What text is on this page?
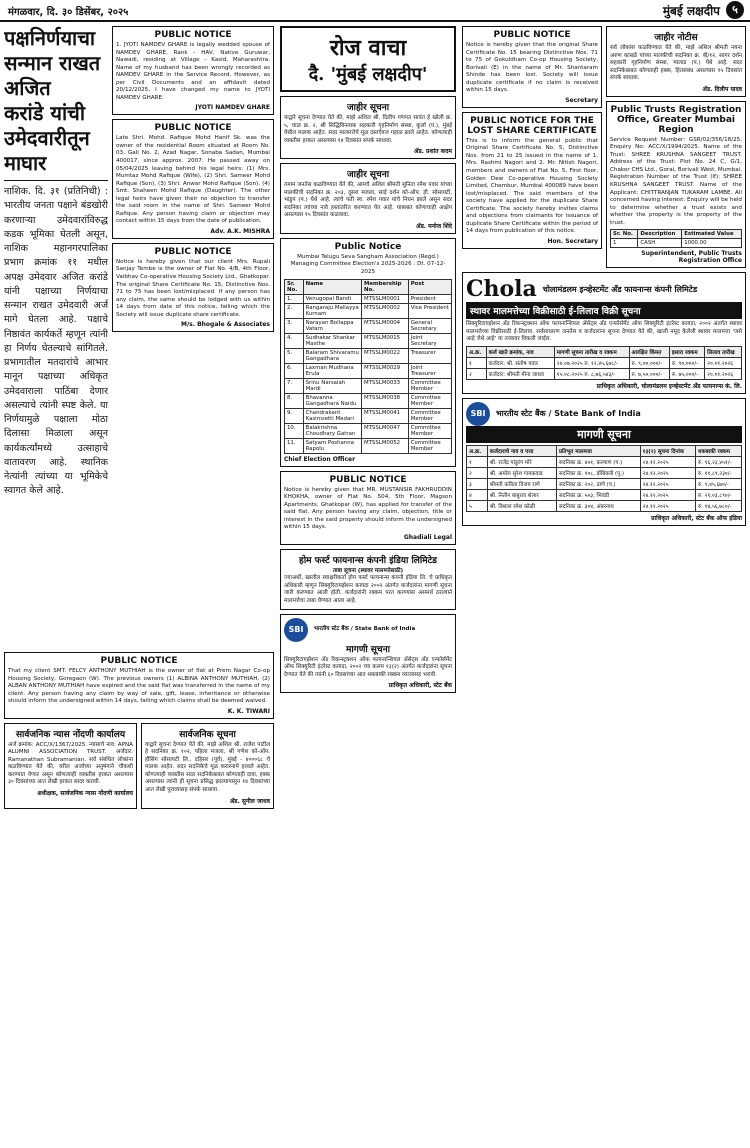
मंगळवार, दि. ३० डिसेंबर, २०२५	मुंबई लक्षदीप	५
पक्षनिर्णयाचा
सन्मान राखत
अजित
करांडे यांची
उमेदवारीतून
माघार
नाशिक. दि. ३१ (प्रतिनिधी) : भारतीय जनता पक्षाने बंडखोरी करणाऱ्या उमेदवारांविरुद्ध कडक भूमिका घेतली असून, नाशिक महानगरपालिका प्रभाग क्रमांक ११ मधील अपक्ष उमेदवार अजित करांडे यांनी पक्षाच्या निर्णयाचा सन्मान राखत उमेदवारी अर्ज मागे घेतला आहे. पक्षाचे निष्ठावंत कार्यकर्ते म्हणून त्यांनी हा निर्णय घेतल्याचे सांगितले. प्रभागातील मतदारांचे आभार मानून पक्षाच्या अधिकृत उमेदवाराला पाठिंबा देणार असल्याचे त्यांनी स्पष्ट केले. या निर्णयामुळे पक्षाला मोठा दिलासा मिळाला असून कार्यकर्त्यांमध्ये उत्साहाचे वातावरण आहे. स्थानिक नेत्यांनी त्यांच्या या भूमिकेचे स्वागत केले आहे.
PUBLIC NOTICE
1. JYOTI NAMDEV GHARE is legally wedded spouse of NAMDEV GHARE, Rank - HAV, Native Guruwar, Nawadi, residing at Village - Kasid, Maharashtra. Name of my husband has been wrongly recorded as NAMDEV GHARE in the Service Record. However, as per Civil Documents and an affidavit dated 20/12/2025, I have changed my name to JYOTI NAMDEV GHARE.
JYOTI NAMDEV GHARE
PUBLIC NOTICE
Late Shri. Mohd. Rafique Mohd Hanif Sk. was the owner of the residential Room situated at Room No. 03, Gali No. 2, Azad Nagar, Sonaba Sadan, Mumbai 400017, since approx. 2007. He passed away on 05/04/2025 leaving behind his legal heirs: (1) Mrs. Mumtaz Mohd Rafique (Wife), (2) Shri. Sameer Mohd Rafique (Son), (3) Shri. Anwar Mohd Rafique (Son), (4) Smt. Shaheen Mohd Rafique (Daughter). The other legal heirs have given their no objection to transfer the said room in the name of Shri. Sameer Mohd Rafique. Any person having claim or objection may contact within 15 days from the date of publication.
Adv. A.K. MISHRA
PUBLIC NOTICE
Notice is hereby given that our client Mrs. Rupali Sanjay Tembe is the owner of Flat No. 4/B, 4th Floor, Vaibhav Co-operative Housing Society Ltd., Ghatkopar. The original Share Certificate No. 15, Distinctive Nos. 71 to 75 has been lost/misplaced. If any person has any claim, the same should be lodged with us within 14 days from date of this notice, failing which the Society will issue duplicate share certificate.
M/s. Bhogale & Associates
PUBLIC NOTICE
That my client SMT. FELCY ANTHONY MUTHIAH is the owner of flat at Prem Nagar Co-op Housing Society, Goregaon (W). The previous owners (1) ALBINA ANTHONY MUTHIAH, (2) ALBAN ANTHONY MUTHIAH have expired and the said flat was transferred in the name of my client. Any person having any claim by way of sale, gift, lease, inheritance or otherwise should inform the undersigned within 14 days, failing which claims shall be deemed waived.
K. K. TIWARI
सार्वजनिक न्यास नोंदणी कार्यालय
अर्ज क्रमांक: ACC/X/1367/2025. न्यासाचे नाव: APNA ALUMNI ASSOCIATION TRUST. अर्जदार: Ramanathan Subramanian. सर्व संबंधित लोकांना कळविण्यात येते की, वरील अर्जाच्या अनुषंगाने चौकशी करण्यात येणार असून कोणत्याही व्यक्तीस हरकत असल्यास ३० दिवसांच्या आत लेखी हरकत सादर करावी.
अधीक्षक, सार्वजनिक न्यास नोंदणी कार्यालय
सार्वजनिक सूचना
याद्वारे सूचना देण्यात येते की, माझे अशिल श्री. राजेश पाटील हे सदनिका क्र. १०२, पहिला मजला, श्री गणेश को-ऑप. हौसिंग सोसायटी लि., दहिसर (पूर्व), मुंबई - ४०००६८ चे मालक आहेत. सदर सदनिकेचे मूळ करारनामे हरवले आहेत. कोणत्याही व्यक्तीस सदर सदनिकेबाबत कोणताही दावा, हक्क असल्यास त्यांनी ही सूचना प्रसिद्ध झाल्यापासून १४ दिवसांच्या आत लेखी पुराव्यासह संपर्क साधावा.
ॲड. सुनील जाधव
रोज वाचा
दै. 'मुंबई लक्षदीप'
जाहीर सूचना
याद्वारे सूचना देण्यात येते की, माझे अशिल श्री. दिलीप गणपत सावंत हे खोली क्र. ५, चाळ क्र. २, श्री सिद्धिविनायक सहकारी गृहनिर्माण संस्था, कुर्ला (प.), मुंबई येथील मालक आहेत. सदर मालमत्तेचे मूळ दस्तऐवज गहाळ झाले आहेत. कोणत्याही व्यक्तीस हरकत असल्यास १४ दिवसांत संपर्क साधावा.
ॲड. प्रशांत कदम
जाहीर सूचना
तमाम जनतेस कळविण्यात येते की, आमचे अशिल श्रीमती सुनिता रमेश पवार यांच्या मालकीची सदनिका क्र. २०३, दुसरा मजला, साई दर्शन को-ऑप. हौ. सोसायटी, भांडुप (प.) येथे आहे. त्यांचे पती स्व. रमेश पवार यांचे निधन झाले असून सदर सदनिका त्यांच्या नावे हस्तांतरित करण्यात येत आहे. याबाबत कोणाचाही आक्षेप असल्यास १५ दिवसांत कळवावा.
ॲड. मनोज शिंदे
Public Notice
Mumbai Telugu Seva Sangham Association (Regd.) Managing Committee Election's 2025-2026 : Dt. 07-12-2025
Sr. No.	Name	Membership No.	Post
1.	Venugopal Bandi	MTSSLM0001	President
2.	Rangaraju Mallayya Kurnam	MTSSLM0002	Vice President
3.	Narayan Bollappa Vatam	MTSSLM0004	General Secretary
4.	Sudhakar Shankar Masthe	MTSSLM0015	Joint Secretary
5.	Balaram Shivaramu Gangadhara	MTSSLM0022	Treasurer
6.	Laxman Mudhana Erula	MTSSLM0029	Joint Treasurer
7.	Srinu Narsaiah Mardi	MTSSLM0033	Committee Member
8.	Bhavanna Gangadhara Naidu	MTSSLM0038	Committee Member
9.	Chandrakant Kasimsetti Medari	MTSSLM0041	Committee Member
10.	Balakrishna Choudhary Gatran	MTSSLM0047	Committee Member
11.	Satyam Poshanna Rapolu	MTSSLM0052	Committee Member
Chief Election Officer
PUBLIC NOTICE
Notice is hereby given that MR. MUSTANSIR FAKHRUDDIN KHOKHA, owner of Flat No. 504, 5th Floor, Magson Apartments, Ghatkopar (W), has applied for transfer of the said flat. Any person having any claim, objection, title or interest in the said property should inform the undersigned within 15 days.
Ghadiali Legal
होम फर्स्ट फायनान्स कंपनी इंडिया लिमिटेड
ताबा सूचना (स्थावर मालमत्तेसाठी)
ज्याअर्थी, खालील स्वाक्षरीकर्ता होम फर्स्ट फायनान्स कंपनी इंडिया लि. चे प्राधिकृत अधिकारी म्हणून सिक्युरिटायझेशन कायदा २००२ अंतर्गत कर्जदारांना मागणी सूचना जारी करण्यात आली होती. कर्जदारांनी रक्कम परत करण्यास असमर्थ ठरल्याने मालमत्तेचा ताबा घेण्यात आला आहे.
SBI	भारतीय स्टेट बैंक / State Bank of India
मागणी सूचना
सिक्युरिटायझेशन अँड रिकन्स्ट्रक्शन ऑफ फायनान्शियल ॲसेट्स अँड एन्फोर्समेंट ऑफ सिक्युरिटी इंटरेस्ट कायदा, २००२ च्या कलम १३(२) अंतर्गत कर्जदारांना सूचना देण्यात येते की त्यांनी ६० दिवसांच्या आत थकबाकी रक्कम व्याजासह भरावी.
प्राधिकृत अधिकारी, स्टेट बँक
PUBLIC NOTICE
Notice is hereby given that the original Share Certificate No. 15 bearing Distinctive Nos. 71 to 75 of Gokuldham Co-op Housing Society, Borivali (E) in the name of Mr. Shantaram Shinde has been lost. Society will issue duplicate certificate if no claim is received within 15 days.
Secretary
PUBLIC NOTICE FOR THE LOST SHARE CERTIFICATE
This is to inform the general public that Original Share Certificate No. 5, Distinctive Nos. from 21 to 25 issued in the name of 1. Mrs. Rashmi Nagori and 2. Mr. Nitish Nagori, members and owners of Flat No. 5, First floor, Golden Dew Co-operative Housing Society Limited, Chembur, Mumbai 400089 have been lost/misplaced. The said members of the society have applied for the duplicate Share Certificate. The society hereby invites claims and objections from claimants for issuance of duplicate Share Certificate within the period of 14 days from publication of this notice.
Hon. Secretary
जाहीर नोटीस
सर्व लोकांस कळविण्यात येते की, माझे अशिल श्रीमती नयना अरुण कांबळे यांच्या मालकीची सदनिका क्र. बी/१२, सागर दर्शन सहकारी गृहनिर्माण संस्था, मालाड (प.) येथे आहे. सदर सदनिकेबाबत कोणताही हक्क, हितसंबंध असल्यास १५ दिवसांत संपर्क साधावा.
ॲड. दिलीप यादव
Public Trusts Registration Office, Greater Mumbai Region
Service Request Number: GSR/02/356/18/25. Enquiry No: ACC/X/1994/2025. Name of the Trust: SHREE KRUSHNA SANGEET TRUST. Address of the Trust: Plot No. 24 C, G/1, Chakor CHS Ltd., Gorai, Borivali West, Mumbai. Registration Number of the Trust (If): SHREE KRUSHNA SANGEET TRUST. Name of the Applicant: CHITTRANJAN TUKARAM LAMBE. All concerned having interest: Enquiry will be held to determine whether a trust exists and whether the property is the property of the trust.
Sr. No.	Description	Estimated Value
1	CASH	1000.00
Superintendent, Public Trusts Registration Office
Chola चोलामंडलम इन्व्हेस्टमेंट अँड फायनान्स कंपनी लिमिटेड
स्थावर मालमत्तेच्या विक्रीसाठी ई-लिलाव विक्री सूचना
सिक्युरिटायझेशन अँड रिकन्स्ट्रक्शन ऑफ फायनान्शियल ॲसेट्स अँड एन्फोर्समेंट ऑफ सिक्युरिटी इंटरेस्ट कायदा, २००२ अंतर्गत स्थावर मालमत्तेच्या विक्रीसाठी ई-लिलाव. सर्वसाधारण जनतेस व कर्जदारांना सूचना देण्यात येते की, खाली नमूद केलेली स्थावर मालमत्ता 'जसे आहे जेथे आहे' या तत्त्वावर विकली जाईल.
अ.क्र.	कर्ज खाते क्रमांक, नाव	मागणी सूचना तारीख व रक्कम	आरक्षित किंमत	इसारा रक्कम	लिलाव तारीख
१	कर्जदार: श्री. संतोष पवार	२४.०७.२०२५ रु. १२,४५,६७८/-	रु. ९,००,०००/-	रु. ९०,०००/-	२०.०१.२०२६
२	कर्जदार: श्रीमती मीना जाधव	१५.०८.२०२५ रु. ८,७६,५४३/-	रु. ७,५०,०००/-	रु. ७५,०००/-	२०.०१.२०२६
प्राधिकृत अधिकारी, चोलामंडलम इन्व्हेस्टमेंट अँड फायनान्स कं. लि.
SBI	भारतीय स्टेट बैंक / State Bank of India
मागणी सूचना
अ.क्र.	कर्जदाराचे नाव व पत्ता	प्रतिभूत मालमत्ता	१३(२) सूचना दिनांक	थकबाकी रक्कम
१	श्री. राजेंद्र पांडुरंग मोरे	सदनिका क्र. ४०१, कल्याण (प.)	२४.१२.२०२५	रु. १६,२३,४५१/-
२	श्री. अमोल सुरेश गायकवाड	सदनिका क्र. १०८, डोंबिवली (पू.)	२४.१२.२०२५	रु. ११,८९,२३०/-
३	श्रीमती कविता विजय राणे	सदनिका क्र. २०२, ठाणे (प.)	२४.१२.२०२५	रु. ९,४५,६७०/-
४	श्री. नितीन बाबुराव शेलार	सदनिका क्र. ५०३, भिवंडी	२४.१२.२०२५	रु. २१,०३,८९०/-
५	श्री. विशाल रमेश कोळी	सदनिका क्र. ३०४, अंबरनाथ	२४.१२.२०२५	रु. १४,५६,७८०/-
प्राधिकृत अधिकारी, स्टेट बँक ऑफ इंडिया
